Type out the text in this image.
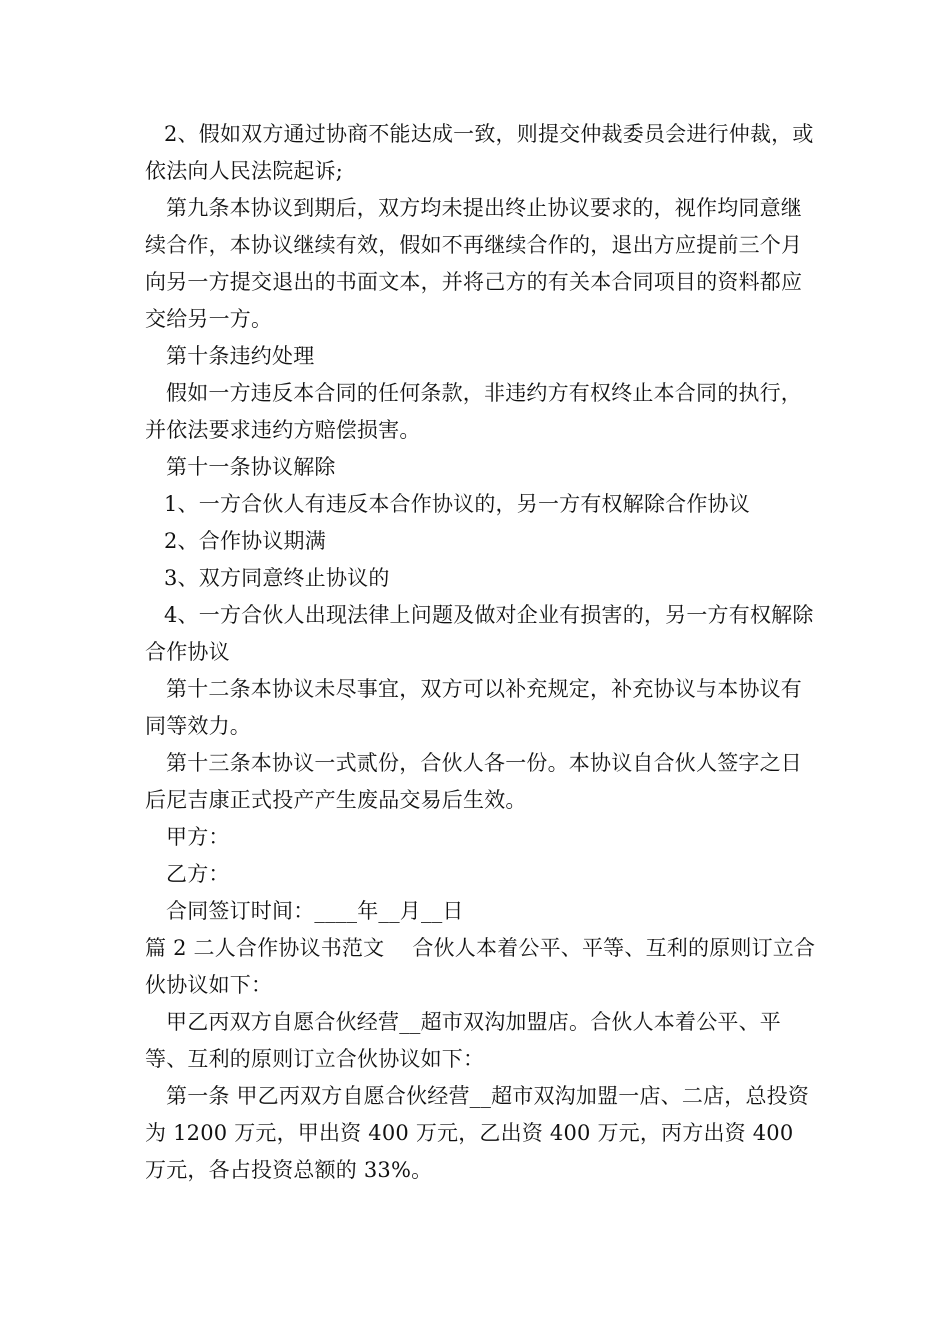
2、假如双方通过协商不能达成一致，则提交仲裁委员会进行仲裁，或依法向人民法院起诉;

第九条本协议到期后，双方均未提出终止协议要求的，视作均同意继续合作，本协议继续有效，假如不再继续合作的，退出方应提前三个月向另一方提交退出的书面文本，并将己方的有关本合同项目的资料都应交给另一方。

第十条违约处理

假如一方违反本合同的任何条款，非违约方有权终止本合同的执行，并依法要求违约方赔偿损害。

第十一条协议解除

1、一方合伙人有违反本合作协议的，另一方有权解除合作协议

2、合作协议期满

3、双方同意终止协议的

4、一方合伙人出现法律上问题及做对企业有损害的，另一方有权解除合作协议

第十二条本协议未尽事宜，双方可以补充规定，补充协议与本协议有同等效力。

第十三条本协议一式贰份，合伙人各一份。本协议自合伙人签字之日后尼吉康正式投产产生废品交易后生效。

甲方：

乙方：

合同签订时间：____年__月__日

篇 2 二人合作协议书范文　 合伙人本着公平、平等、互利的原则订立合伙协议如下：

甲乙丙双方自愿合伙经营__超市双沟加盟店。合伙人本着公平、平等、互利的原则订立合伙协议如下：

第一条 甲乙丙双方自愿合伙经营__超市双沟加盟一店、二店，总投资为 1200 万元，甲出资 400 万元，乙出资 400 万元，丙方出资 400 万元，各占投资总额的 33%。
